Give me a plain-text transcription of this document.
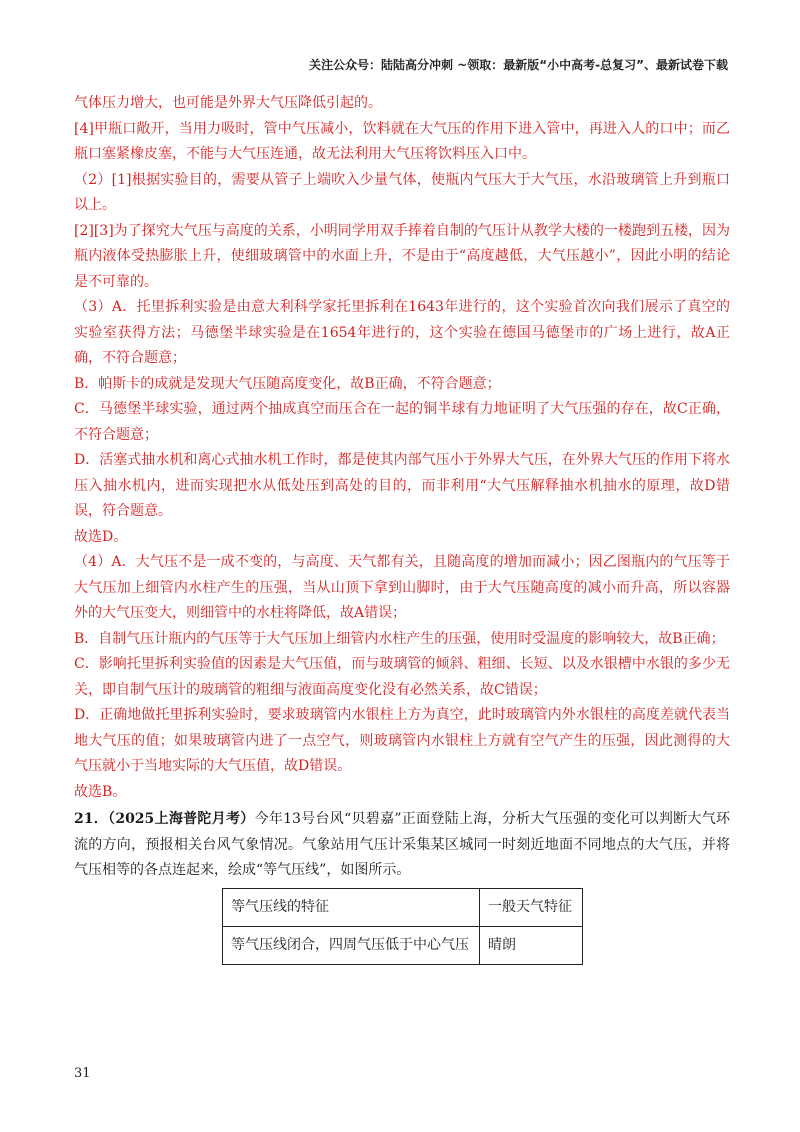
关注公众号：陆陆高分冲刺 ~领取：最新版“小中高考-总复习”、最新试卷下载

气体压力增大，也可能是外界大气压降低引起的。

[4]甲瓶口敞开，当用力吸时，管中气压减小，饮料就在大气压的作用下进入管中，再进入人的口中；而乙瓶口塞紧橡皮塞，不能与大气压连通，故无法利用大气压将饮料压入口中。

（2）[1]根据实验目的，需要从管子上端吹入少量气体，使瓶内气压大于大气压，水沿玻璃管上升到瓶口以上。

[2][3]为了探究大气压与高度的关系，小明同学用双手捧着自制的气压计从教学大楼的一楼跑到五楼，因为瓶内液体受热膨胀上升，使细玻璃管中的水面上升，不是由于“高度越低，大气压越小”，因此小明的结论是不可靠的。

（3）A．托里拆利实验是由意大利科学家托里拆利在1643年进行的，这个实验首次向我们展示了真空的实验室获得方法；马德堡半球实验是在1654年进行的，这个实验在德国马德堡市的广场上进行，故A正确，不符合题意；

B．帕斯卡的成就是发现大气压随高度变化，故B正确，不符合题意；

C．马德堡半球实验，通过两个抽成真空而压合在一起的铜半球有力地证明了大气压强的存在，故C正确，不符合题意；

D．活塞式抽水机和离心式抽水机工作时，都是使其内部气压小于外界大气压，在外界大气压的作用下将水压入抽水机内，进而实现把水从低处压到高处的目的，而非利用“大气压解释抽水机抽水的原理，故D错误，符合题意。

故选D。

（4）A．大气压不是一成不变的，与高度、天气都有关，且随高度的增加而减小；因乙图瓶内的气压等于大气压加上细管内水柱产生的压强，当从山顶下拿到山脚时，由于大气压随高度的减小而升高，所以容器外的大气压变大，则细管中的水柱将降低，故A错误；

B．自制气压计瓶内的气压等于大气压加上细管内水柱产生的压强，使用时受温度的影响较大，故B正确；

C．影响托里拆利实验值的因素是大气压值，而与玻璃管的倾斜、粗细、长短、以及水银槽中水银的多少无关，即自制气压计的玻璃管的粗细与液面高度变化没有必然关系，故C错误；

D．正确地做托里拆利实验时，要求玻璃管内水银柱上方为真空，此时玻璃管内外水银柱的高度差就代表当地大气压的值；如果玻璃管内进了一点空气，则玻璃管内水银柱上方就有空气产生的压强，因此测得的大气压就小于当地实际的大气压值，故D错误。

故选B。

21．（2025上海普陀月考）今年13号台风“贝碧嘉”正面登陆上海，分析大气压强的变化可以判断大气环流的方向，预报相关台风气象情况。气象站用气压计采集某区城同一时刻近地面不同地点的大气压，并将气压相等的各点连起来，绘成“等气压线”，如图所示。

等气压线的特征	一般天气特征
等气压线闭合，四周气压低于中心气压	晴朗
31
